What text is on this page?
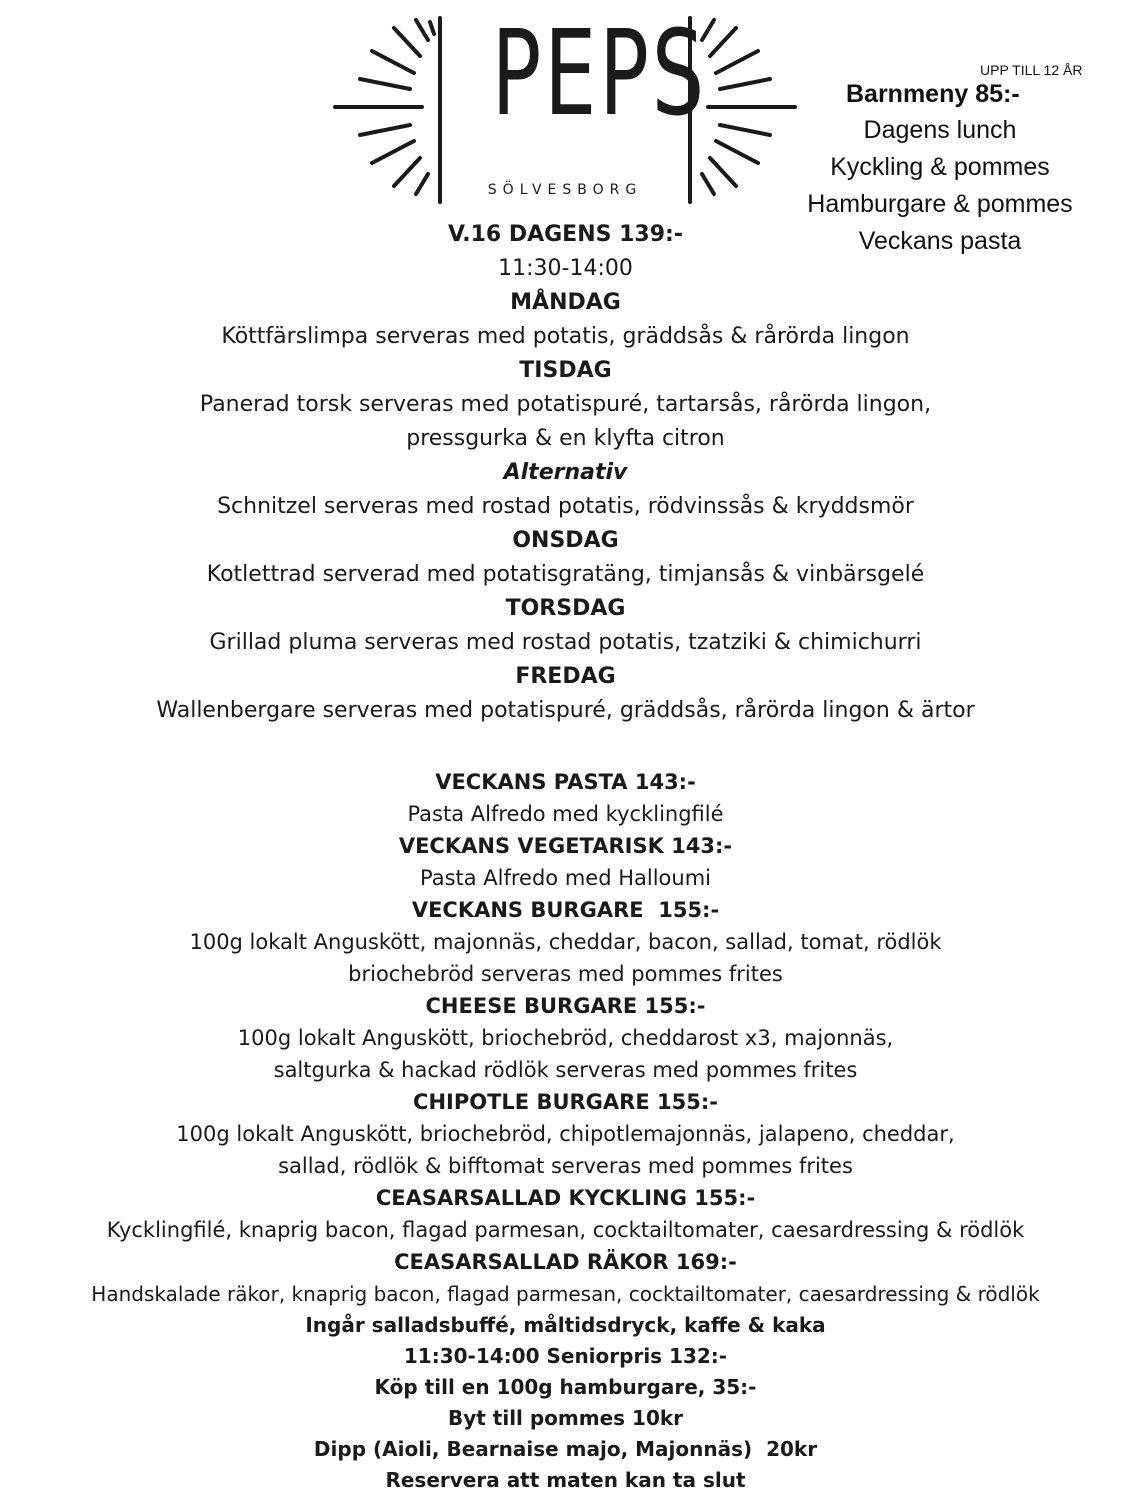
PEPS
SÖLVESBORG
UPP TILL 12 ÅR
Barnmeny 85:-
Dagens lunch
Kyckling & pommes
Hamburgare & pommes
Veckans pasta
V.16 DAGENS 139:-
11:30-14:00
MÅNDAG
Köttfärslimpa serveras med potatis, gräddsås & rårörda lingon
TISDAG
Panerad torsk serveras med potatispuré, tartarsås, rårörda lingon,
pressgurka & en klyfta citron
Alternativ
Schnitzel serveras med rostad potatis, rödvinssås & kryddsmör
ONSDAG
Kotlettrad serverad med potatisgratäng, timjansås & vinbärsgelé
TORSDAG
Grillad pluma serveras med rostad potatis, tzatziki & chimichurri
FREDAG
Wallenbergare serveras med potatispuré, gräddsås, rårörda lingon & ärtor
VECKANS PASTA 143:-
Pasta Alfredo med kycklingfilé
VECKANS VEGETARISK 143:-
Pasta Alfredo med Halloumi
VECKANS BURGARE  155:-
100g lokalt Anguskött, majonnäs, cheddar, bacon, sallad, tomat, rödlök
briochebröd serveras med pommes frites
CHEESE BURGARE 155:-
100g lokalt Anguskött, briochebröd, cheddarost x3, majonnäs,
saltgurka & hackad rödlök serveras med pommes frites
CHIPOTLE BURGARE 155:-
100g lokalt Anguskött, briochebröd, chipotlemajonnäs, jalapeno, cheddar,
sallad, rödlök & bifftomat serveras med pommes frites
CEASARSALLAD KYCKLING 155:-
Kycklingfilé, knaprig bacon, flagad parmesan, cocktailtomater, caesardressing & rödlök
CEASARSALLAD RÄKOR 169:-
Handskalade räkor, knaprig bacon, flagad parmesan, cocktailtomater, caesardressing & rödlök
Ingår salladsbuffé, måltidsdryck, kaffe & kaka
11:30-14:00 Seniorpris 132:-
Köp till en 100g hamburgare, 35:-
Byt till pommes 10kr
Dipp (Aioli, Bearnaise majo, Majonnäs)  20kr
Reservera att maten kan ta slut
